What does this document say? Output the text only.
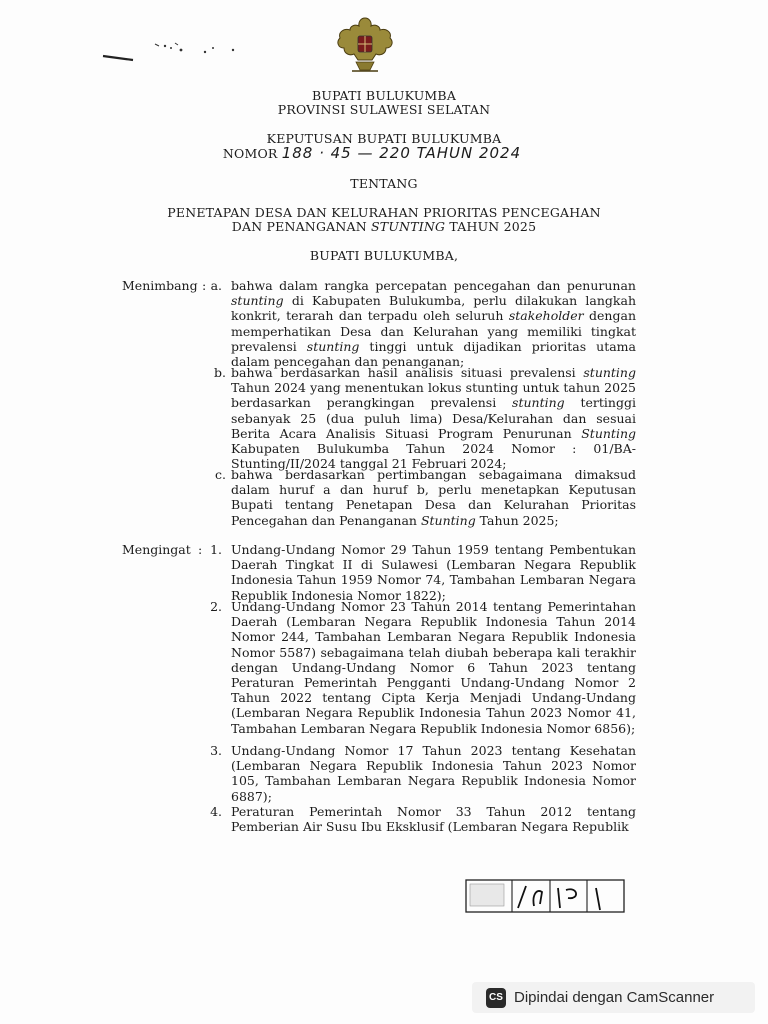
BUPATI BULUKUMBA
PROVINSI SULAWESI SELATAN
KEPUTUSAN BUPATI BULUKUMBA
NOMOR 188 · 45 — 220 TAHUN 2024
TENTANG
PENETAPAN DESA DAN KELURAHAN PRIORITAS PENCEGAHAN
DAN PENANGANAN STUNTING TAHUN 2025
BUPATI BULUKUMBA,
Menimbang : a. bahwa dalam rangka percepatan pencegahan dan penurunan stunting di Kabupaten Bulukumba, perlu dilakukan langkah konkrit, terarah dan terpadu oleh seluruh stakeholder dengan memperhatikan Desa dan Kelurahan yang memiliki tingkat prevalensi stunting tinggi untuk dijadikan prioritas utama dalam pencegahan dan penanganan;
b. bahwa berdasarkan hasil analisis situasi prevalensi stunting Tahun 2024 yang menentukan lokus stunting untuk tahun 2025 berdasarkan perangkingan prevalensi stunting tertinggi sebanyak 25 (dua puluh lima) Desa/Kelurahan dan sesuai Berita Acara Analisis Situasi Program Penurunan Stunting Kabupaten Bulukumba Tahun 2024 Nomor : 01/BA-Stunting/II/2024 tanggal 21 Februari 2024;
c. bahwa berdasarkan pertimbangan sebagaimana dimaksud dalam huruf a dan huruf b, perlu menetapkan Keputusan Bupati tentang Penetapan Desa dan Kelurahan Prioritas Pencegahan dan Penanganan Stunting Tahun 2025;
Mengingat : 1. Undang-Undang Nomor 29 Tahun 1959 tentang Pembentukan Daerah Tingkat II di Sulawesi (Lembaran Negara Republik Indonesia Tahun 1959 Nomor 74, Tambahan Lembaran Negara Republik Indonesia Nomor 1822);
2. Undang-Undang Nomor 23 Tahun 2014 tentang Pemerintahan Daerah (Lembaran Negara Republik Indonesia Tahun 2014 Nomor 244, Tambahan Lembaran Negara Republik Indonesia Nomor 5587) sebagaimana telah diubah beberapa kali terakhir dengan Undang-Undang Nomor 6 Tahun 2023 tentang Peraturan Pemerintah Pengganti Undang-Undang Nomor 2 Tahun 2022 tentang Cipta Kerja Menjadi Undang-Undang (Lembaran Negara Republik Indonesia Tahun 2023 Nomor 41, Tambahan Lembaran Negara Republik Indonesia Nomor 6856);
3. Undang-Undang Nomor 17 Tahun 2023 tentang Kesehatan (Lembaran Negara Republik Indonesia Tahun 2023 Nomor 105, Tambahan Lembaran Negara Republik Indonesia Nomor 6887);
4. Peraturan Pemerintah Nomor 33 Tahun 2012 tentang Pemberian Air Susu Ibu Eksklusif (Lembaran Negara Republik
1 1 1 9
CS Dipindai dengan CamScanner
